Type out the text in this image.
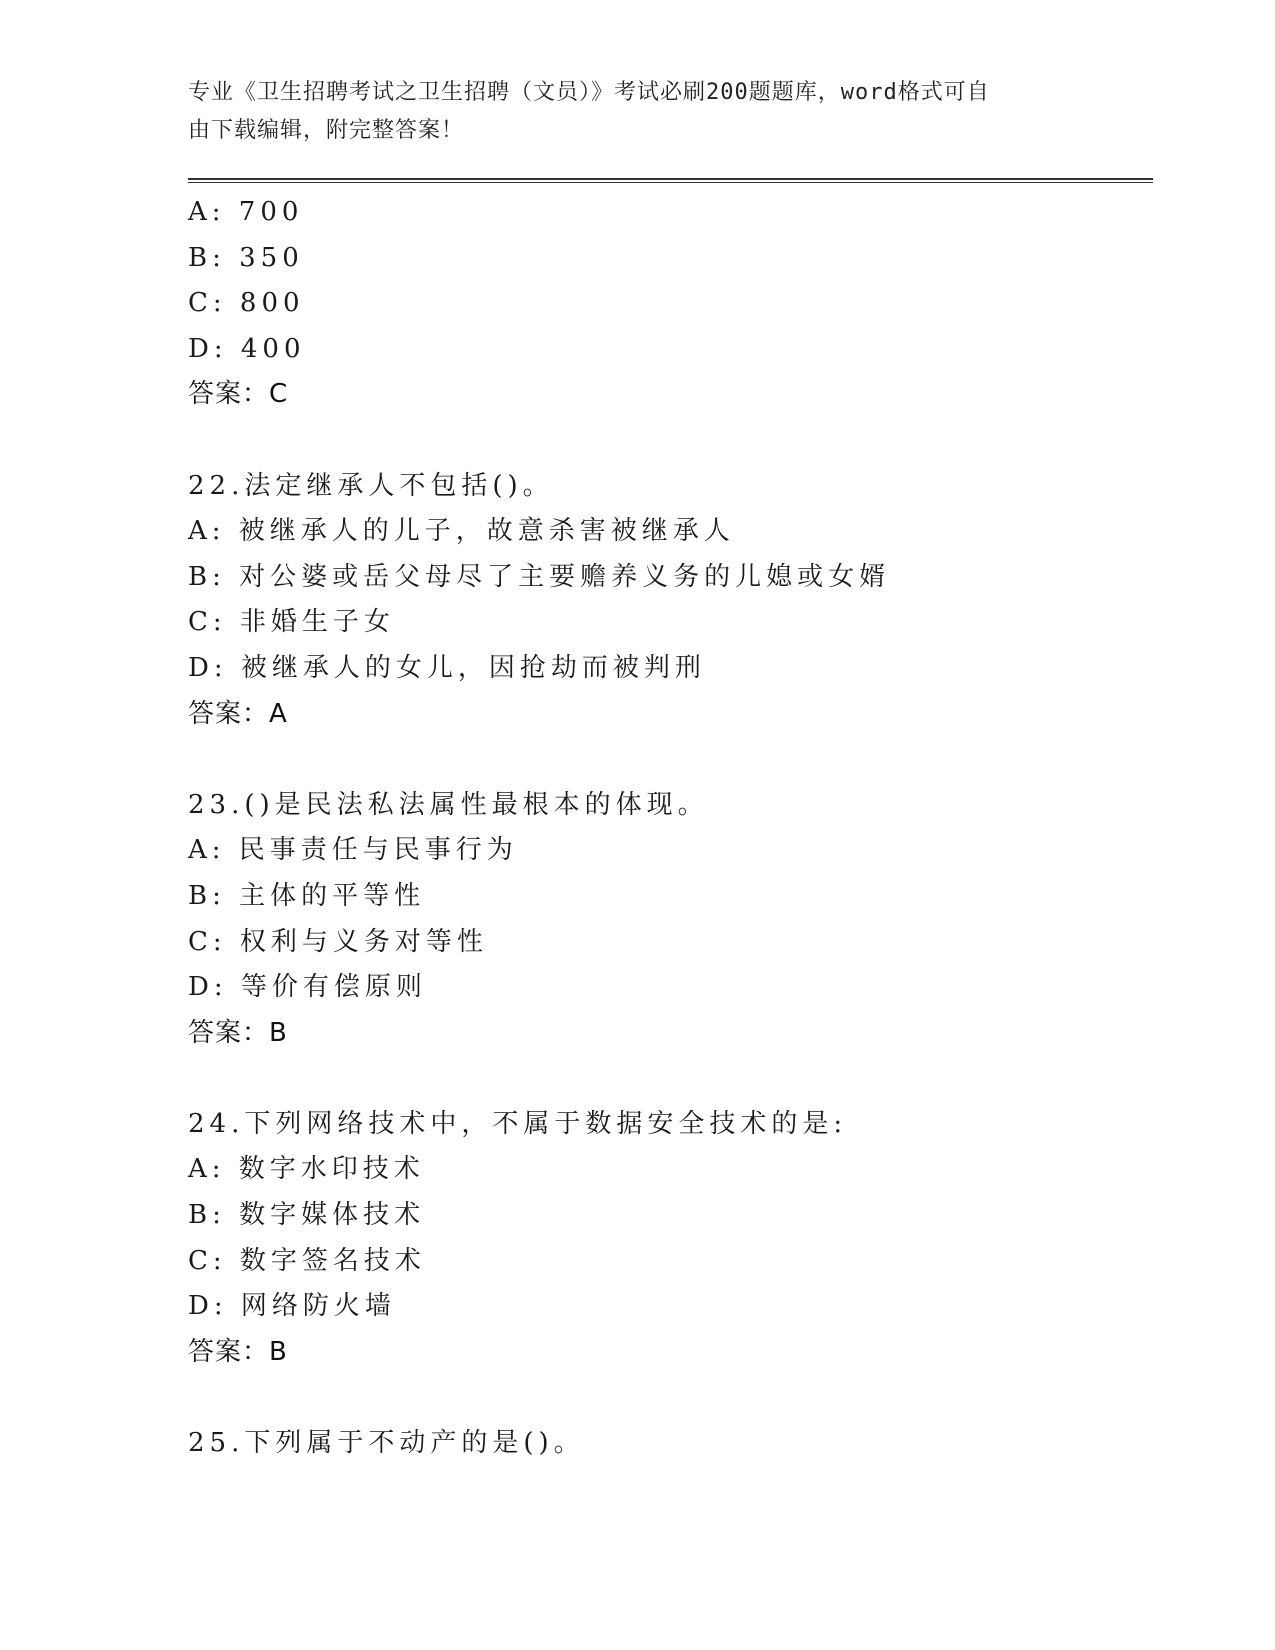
专业《卫生招聘考试之卫生招聘（文员）》考试必刷200题题库，word格式可自
由下载编辑，附完整答案！
A: 700
B: 350
C: 800
D: 400
答案：C
22.法定继承人不包括()。
A: 被继承人的儿子，故意杀害被继承人
B: 对公婆或岳父母尽了主要赡养义务的儿媳或女婿
C: 非婚生子女
D: 被继承人的女儿，因抢劫而被判刑
答案：A
23.()是民法私法属性最根本的体现。
A: 民事责任与民事行为
B: 主体的平等性
C: 权利与义务对等性
D: 等价有偿原则
答案：B
24.下列网络技术中，不属于数据安全技术的是:
A: 数字水印技术
B: 数字媒体技术
C: 数字签名技术
D: 网络防火墙
答案：B
25.下列属于不动产的是()。
